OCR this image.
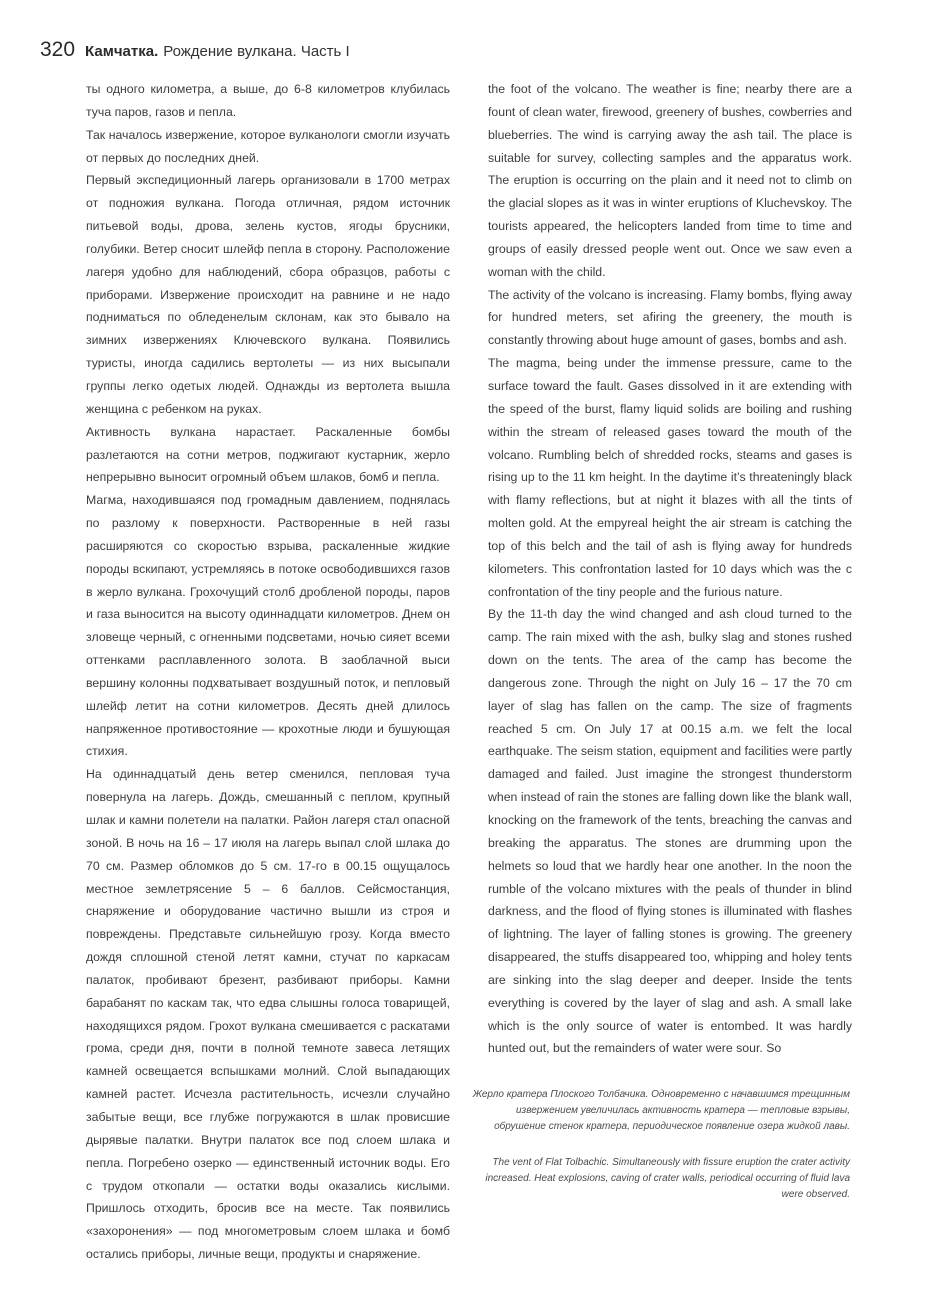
320 Камчатка. Рождение вулкана. Часть I

ты одного километра, а выше, до 6-8 километров клубилась туча паров, газов и пепла.

Так началось извержение, которое вулканологи смогли изучать от первых до последних дней.

Первый экспедиционный лагерь организовали в 1700 метрах от подножия вулкана. Погода отличная, рядом источник питьевой воды, дрова, зелень кустов, ягоды брусники, голубики. Ветер сносит шлейф пепла в сторону. Расположение лагеря удобно для наблюдений, сбора образцов, работы с приборами. Извержение происходит на равнине и не надо подниматься по обледенелым склонам, как это бывало на зимних извержениях Ключевского вулкана. Появились туристы, иногда садились вертолеты — из них высыпали группы легко одетых людей. Однажды из вертолета вышла женщина с ребенком на руках.

Активность вулкана нарастает. Раскаленные бомбы разлетаются на сотни метров, поджигают кустарник, жерло непрерывно выносит огромный объем шлаков, бомб и пепла.

Магма, находившаяся под громадным давлением, поднялась по разлому к поверхности. Растворенные в ней газы расширяются со скоростью взрыва, раскаленные жидкие породы вскипают, устремляясь в потоке освободившихся газов в жерло вулкана. Грохочущий столб дробленой породы, паров и газа выносится на высоту одиннадцати километров. Днем он зловеще черный, с огненными подсветами, ночью сияет всеми оттенками расплавленного золота. В заоблачной выси вершину колонны подхватывает воздушный поток, и пепловый шлейф летит на сотни километров. Десять дней длилось напряженное противостояние — крохотные люди и бушующая стихия.

На одиннадцатый день ветер сменился, пепловая туча повернула на лагерь. Дождь, смешанный с пеплом, крупный шлак и камни полетели на палатки. Район лагеря стал опасной зоной. В ночь на 16 – 17 июля на лагерь выпал слой шлака до 70 см. Размер обломков до 5 см. 17-го в 00.15 ощущалось местное землетрясение 5 – 6 баллов. Сейсмостанция, снаряжение и оборудование частично вышли из строя и повреждены. Представьте сильнейшую грозу. Когда вместо дождя сплошной стеной летят камни, стучат по каркасам палаток, пробивают брезент, разбивают приборы. Камни барабанят по каскам так, что едва слышны голоса товарищей, находящихся рядом. Грохот вулкана смешивается с раскатами грома, среди дня, почти в полной темноте завеса летящих камней освещается вспышками молний. Слой выпадающих камней растет. Исчезла растительность, исчезли случайно забытые вещи, все глубже погружаются в шлак провисшие дырявые палатки. Внутри палаток все под слоем шлака и пепла. Погребено озерко — единственный источник воды. Его с трудом откопали — остатки воды оказались кислыми. Пришлось отходить, бросив все на месте. Так появились «захоронения» — под многометровым слоем шлака и бомб остались приборы, личные вещи, продукты и снаряжение.

the foot of the volcano. The weather is fine; nearby there are a fount of clean water, firewood, greenery of bushes, cowberries and blueberries. The wind is carrying away the ash tail. The place is suitable for survey, collecting samples and the apparatus work. The eruption is occurring on the plain and it need not to climb on the glacial slopes as it was in winter eruptions of Kluchevskoy. The tourists appeared, the helicopters landed from time to time and groups of easily dressed people went out. Once we saw even a woman with the child.

The activity of the volcano is increasing. Flamy bombs, flying away for hundred meters, set afiring the greenery, the mouth is constantly throwing about huge amount of gases, bombs and ash.

The magma, being under the immense pressure, came to the surface toward the fault. Gases dissolved in it are extending with the speed of the burst, flamy liquid solids are boiling and rushing within the stream of released gases toward the mouth of the volcano. Rumbling belch of shredded rocks, steams and gases is rising up to the 11 km height. In the daytime it’s threateningly black with flamy reflections, but at night it blazes with all the tints of molten gold. At the empyreal height the air stream is catching the top of this belch and the tail of ash is flying away for hundreds kilometers. This confrontation lasted for 10 days which was the c confrontation of the tiny people and the furious nature.

By the 11-th day the wind changed and ash cloud turned to the camp. The rain mixed with the ash, bulky slag and stones rushed down on the tents. The area of the camp has become the dangerous zone. Through the night on July 16 – 17 the 70 cm layer of slag has fallen on the camp. The size of fragments reached 5 cm. On July 17 at 00.15 a.m. we felt the local earthquake. The seism station, equipment and facilities were partly damaged and failed. Just imagine the strongest thunderstorm when instead of rain the stones are falling down like the blank wall, knocking on the framework of the tents, breaching the canvas and breaking the apparatus. The stones are drumming upon the helmets so loud that we hardly hear one another. In the noon the rumble of the volcano mixtures with the peals of thunder in blind darkness, and the flood of flying stones is illuminated with flashes of lightning. The layer of falling stones is growing. The greenery disappeared, the stuffs disappeared too, whipping and holey tents are sinking into the slag deeper and deeper. Inside the tents everything is covered by the layer of slag and ash. A small lake which is the only source of water is entombed. It was hardly hunted out, but the remainders of water were sour. So

Жерло кратера Плоского Толбачика. Одновременно с начавшимся трещинным извержением увеличилась активность кратера — тепловые взрывы, обрушение стенок кратера, периодическое появление озера жидкой лавы.
The vent of Flat Tolbachic. Simultaneously with fissure eruption the crater activity increased. Heat explosions, caving of crater walls, periodical occurring of fluid lava were observed.
